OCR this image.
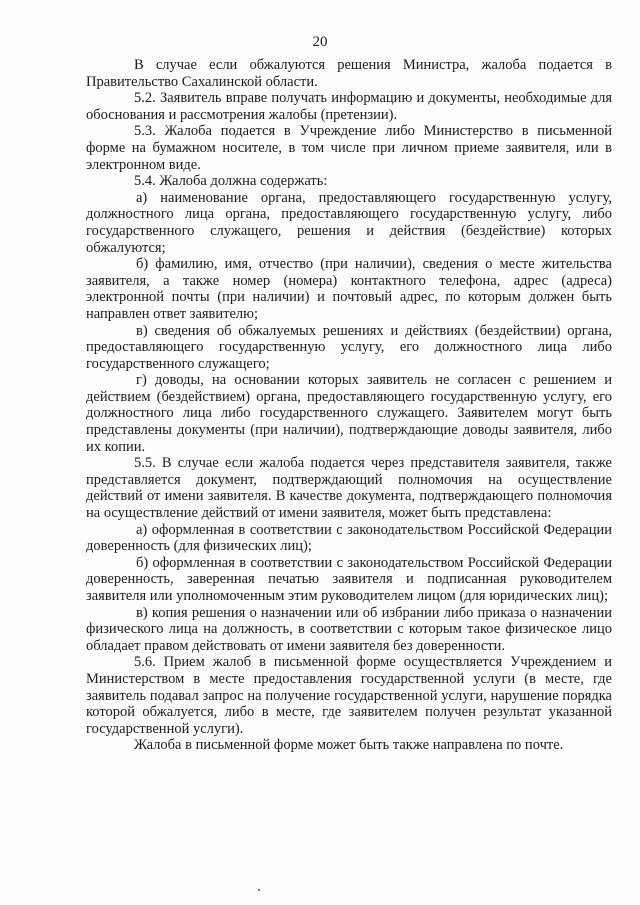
20

В случае если обжалуются решения Министра, жалоба подается в Правительство Сахалинской области.

5.2. Заявитель вправе получать информацию и документы, необходимые для обоснования и рассмотрения жалобы (претензии).

5.3. Жалоба подается в Учреждение либо Министерство в письменной форме на бумажном носителе, в том числе при личном приеме заявителя, или в электронном виде.

5.4. Жалоба должна содержать:

а) наименование органа, предоставляющего государственную услугу, должностного лица органа, предоставляющего государственную услугу, либо государственного служащего, решения и действия (бездействие) которых обжалуются;

б) фамилию, имя, отчество (при наличии), сведения о месте жительства заявителя, а также номер (номера) контактного телефона, адрес (адреса) электронной почты (при наличии) и почтовый адрес, по которым должен быть направлен ответ заявителю;

в) сведения об обжалуемых решениях и действиях (бездействии) органа, предоставляющего государственную услугу, его должностного лица либо государственного служащего;

г) доводы, на основании которых заявитель не согласен с решением и действием (бездействием) органа, предоставляющего государственную услугу, его должностного лица либо государственного служащего. Заявителем могут быть представлены документы (при наличии), подтверждающие доводы заявителя, либо их копии.

5.5. В случае если жалоба подается через представителя заявителя, также представляется документ, подтверждающий полномочия на осуществление действий от имени заявителя. В качестве документа, подтверждающего полномочия на осуществление действий от имени заявителя, может быть представлена:

а) оформленная в соответствии с законодательством Российской Федерации доверенность (для физических лиц);

б) оформленная в соответствии с законодательством Российской Федерации доверенность, заверенная печатью заявителя и подписанная руководителем заявителя или уполномоченным этим руководителем лицом (для юридических лиц);

в) копия решения о назначении или об избрании либо приказа о назначении физического лица на должность, в соответствии с которым такое физическое лицо обладает правом действовать от имени заявителя без доверенности.

5.6. Прием жалоб в письменной форме осуществляется Учреждением и Министерством в месте предоставления государственной услуги (в месте, где заявитель подавал запрос на получение государственной услуги, нарушение порядка которой обжалуется, либо в месте, где заявителем получен результат указанной государственной услуги).

Жалоба в письменной форме может быть также направлена по почте.
